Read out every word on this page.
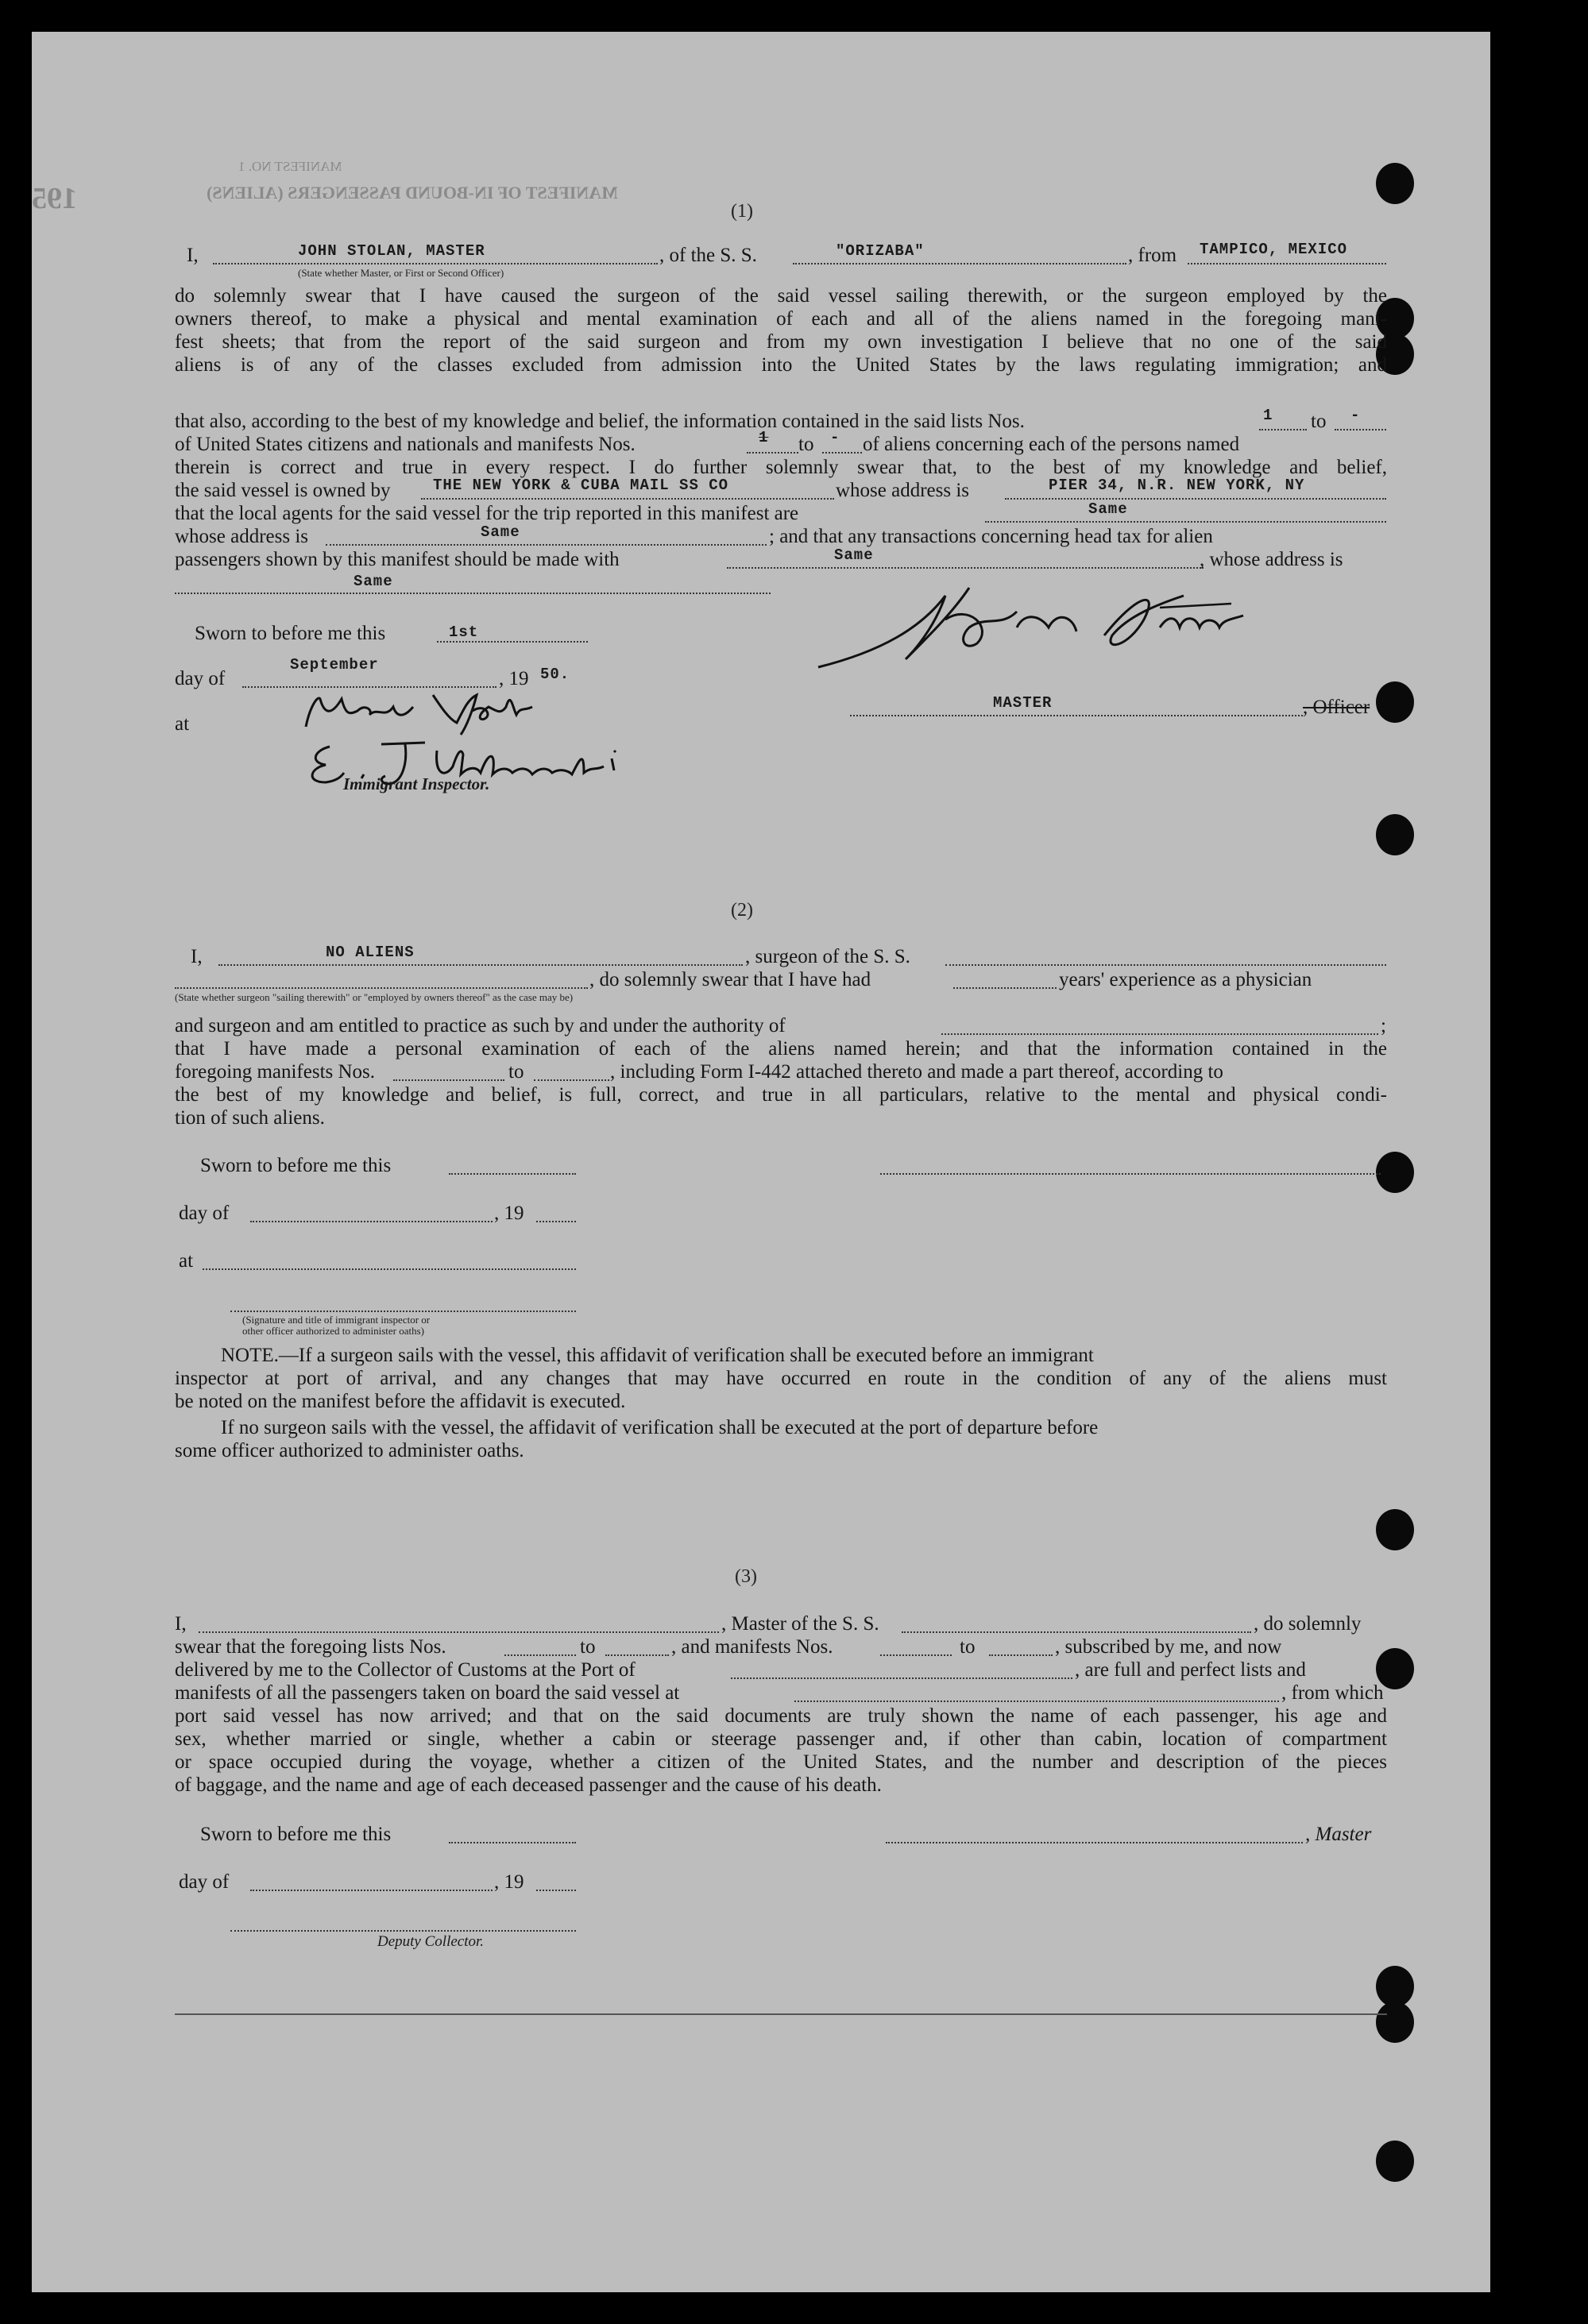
195
MANIFEST NO. 1
MANIFEST OF IN-BOUND PASSENGERS (ALIENS)
(1)
I,	JOHN STOLAN, MASTER	, of the S. S.	"ORIZABA"	, from TAMPICO, MEXICO
(State whether Master, or First or Second Officer)
do solemnly swear that I have caused the surgeon of the said vessel sailing therewith, or the surgeon employed by the
owners thereof, to make a physical and mental examination of each and all of the aliens named in the foregoing mani-
fest sheets; that from the report of the said surgeon and from my own investigation I believe that no one of the said
aliens is of any of the classes excluded from admission into the United States by the laws regulating immigration; and
that also, according to the best of my knowledge and belief, the information contained in the said lists Nos.	1 to -
of United States citizens and nationals and manifests Nos.	1 to - of aliens concerning each of the persons named
therein is correct and true in every respect. I do further solemnly swear that, to the best of my knowledge and belief,
the said vessel is owned by	THE NEW YORK & CUBA MAIL SS CO	whose address is	PIER 34, N.R. NEW YORK, NY
that the local agents for the said vessel for the trip reported in this manifest are	Same
whose address is	Same	; and that any transactions concerning head tax for alien
passengers shown by this manifest should be made with	Same	, whose address is
Same
Sworn to before me this	1st
day of
September
, 19 50.
at
Immigrant Inspector.
MASTER	, Officer
(2)
I,	NO ALIENS	, surgeon of the S. S.
, do solemnly swear that I have had	years' experience as a physician
(State whether surgeon "sailing therewith" or "employed by owners thereof" as the case may be)
and surgeon and am entitled to practice as such by and under the authority of	;
that I have made a personal examination of each of the aliens named herein; and that the information contained in the
foregoing manifests Nos.	to	, including Form I-442 attached thereto and made a part thereof, according to
the best of my knowledge and belief, is full, correct, and true in all particulars, relative to the mental and physical condi-
tion of such aliens.
Sworn to before me this
day of	, 19
at
(Signature and title of immigrant inspector or
other officer authorized to administer oaths)
NOTE.—If a surgeon sails with the vessel, this affidavit of verification shall be executed before an immigrant
inspector at port of arrival, and any changes that may have occurred en route in the condition of any of the aliens must
be noted on the manifest before the affidavit is executed.
If no surgeon sails with the vessel, the affidavit of verification shall be executed at the port of departure before
some officer authorized to administer oaths.
(3)
I,	, Master of the S. S.	, do solemnly
swear that the foregoing lists Nos.	to	, and manifests Nos.	to	, subscribed by me, and now
delivered by me to the Collector of Customs at the Port of	, are full and perfect lists and
manifests of all the passengers taken on board the said vessel at	, from which
port said vessel has now arrived; and that on the said documents are truly shown the name of each passenger, his age and
sex, whether married or single, whether a cabin or steerage passenger and, if other than cabin, location of compartment
or space occupied during the voyage, whether a citizen of the United States, and the number and description of the pieces
of baggage, and the name and age of each deceased passenger and the cause of his death.
Sworn to before me this	, Master
day of	, 19
Deputy Collector.
